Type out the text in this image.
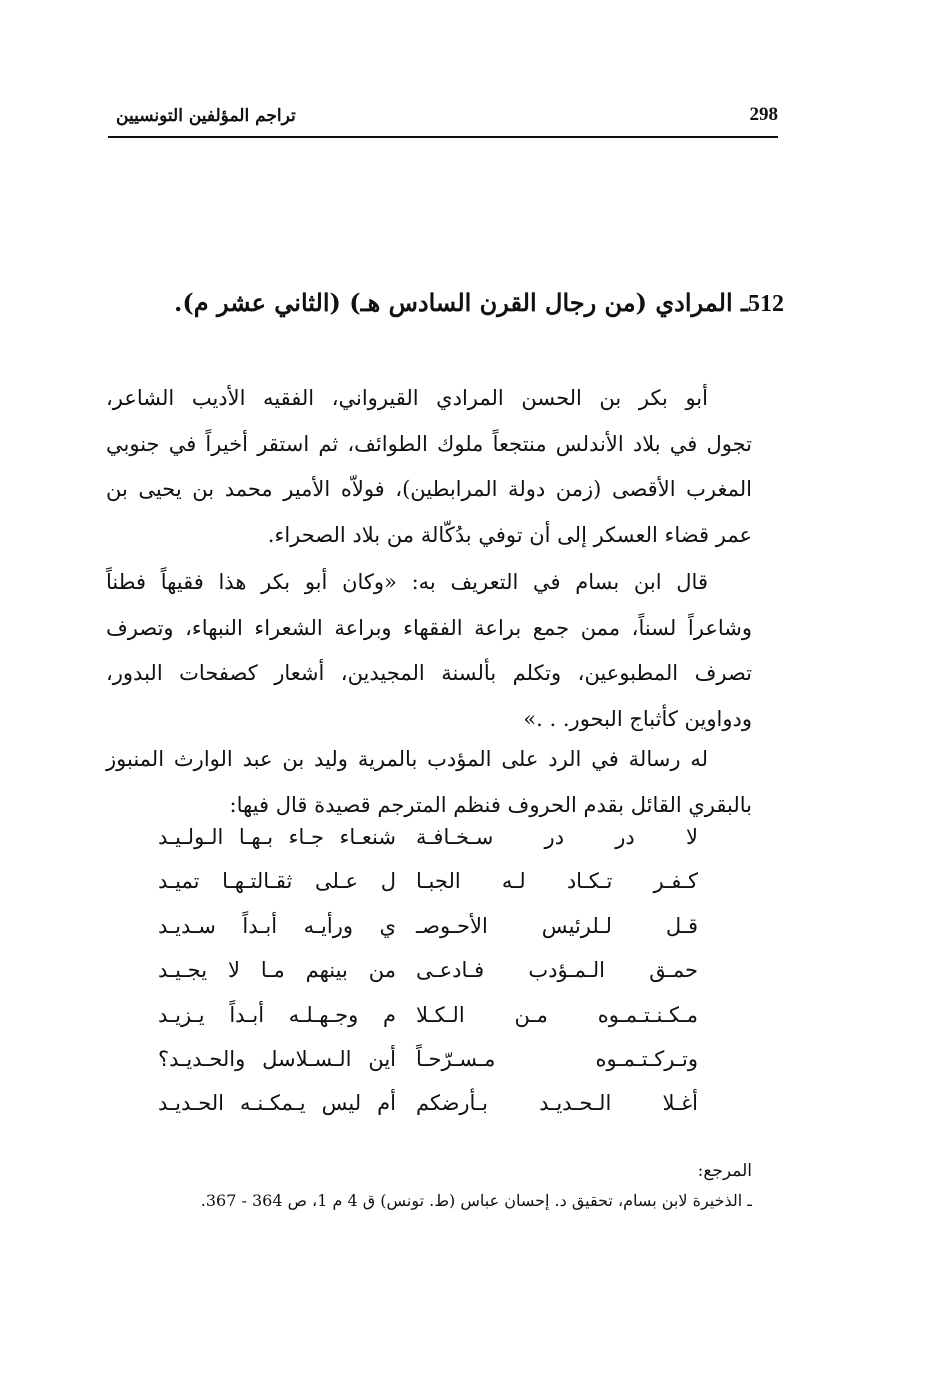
298
تراجم المؤلفين التونسيين
512ـ المرادي (من رجال القرن السادس هـ) (الثاني عشر م).
أبو بكر بن الحسن المرادي القيرواني، الفقيه الأديب الشاعر،
تجول في بلاد الأندلس منتجعاً ملوك الطوائف، ثم استقر أخيراً في جنوبي
المغرب الأقصى (زمن دولة المرابطين)، فولاّه الأمير محمد بن يحيى بن
عمر قضاء العسكر إلى أن توفي بدُكّالة من بلاد الصحراء.
قال ابن بسام في التعريف به: «وكان أبو بكر هذا فقيهاً فطناً
وشاعراً لسناً، ممن جمع براعة الفقهاء وبراعة الشعراء النبهاء، وتصرف
تصرف المطبوعين، وتكلم بألسنة المجيدين، أشعار كصفحات البدور،
ودواوين كأثباج البحور. . .»
له رسالة في الرد على المؤدب بالمرية وليد بن عبد الوارث المنبوز
بالبقري القائل بقدم الحروف فنظم المترجم قصيدة قال فيها:
لا در در سـخـافـة
شنعـاء جـاء بـهـا الـولـيـد
كـفـر تـكـاد لـه الجبـا
ل عـلى ثقـالتـهـا تميـد
قـل لـلرئيس الأحـوصـ
ي ورأيـه أبـداً سـديـد
حمـق الـمـؤدب فـادعـى
من بينهم مـا لا يجـيـد
مـكـنـتـمـوه مـن الـكـلا
م وجـهـلـه أبـداً يـزيـد
وتـركـتـمـوه مـسـرّحـاً
أين الـسـلاسل والحـديـد؟
أغـلا الـحـديـد بـأرضكم
أم ليس يـمكـنـه الحـديـد
المرجع:
ـ الذخيرة لابن بسام، تحقيق د. إحسان عباس (ط. تونس) ق 4 م 1، ص 364 - 367.
